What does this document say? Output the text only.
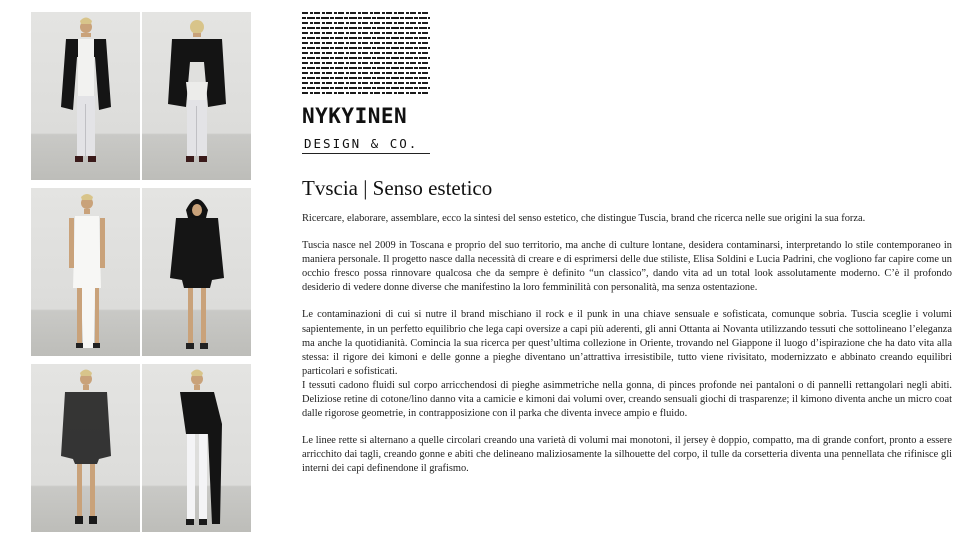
NYKYINEN
DESIGN & CO.
Tvscia | Senso estetico

Ricercare, elaborare, assemblare, ecco la sintesi del senso estetico, che distingue Tuscia, brand che ricerca nelle sue origini la sua forza.

Tuscia nasce nel 2009 in Toscana e proprio del suo territorio, ma anche di culture lontane, desidera contaminarsi, interpretando lo stile contemporaneo in maniera personale. Il progetto nasce dalla necessità di creare e di esprimersi delle due stiliste, Elisa Soldini e Lucia Padrini, che vogliono far capire come un occhio fresco possa rinnovare qualcosa che da sempre è definito “un classico”, dando vita ad un total look assolutamente moderno. C’è il profondo desiderio di vedere donne diverse che manifestino la loro femminilità con personalità, ma senza ostentazione.

Le contaminazioni di cui si nutre il brand mischiano il rock e il punk in una chiave sensuale e sofisticata, comunque sobria. Tuscia sceglie i volumi sapientemente, in un perfetto equilibrio che lega capi oversize a capi più aderenti, gli anni Ottanta ai Novanta utilizzando tessuti che sottolineano l’eleganza ma anche la quotidianità. Comincia la sua ricerca per quest’ultima collezione in Oriente, trovando nel Giappone il luogo d’ispirazione che ha dato vita alla stessa: il rigore dei kimoni e delle gonne a pieghe diventano un’attrattiva irresistibile, tutto viene rivisitato, modernizzato e abbinato creando equilibri particolari e sofisticati.

I tessuti cadono fluidi sul corpo arricchendosi di pieghe asimmetriche nella gonna, di pinces profonde nei pantaloni o di pannelli rettangolari negli abiti. Deliziose retine di cotone/lino danno vita a camicie e kimoni dai volumi over, creando sensuali giochi di trasparenze; il kimono diventa anche un micro coat dalle rigorose geometrie, in contrapposizione con il parka che diventa invece ampio e fluido.

Le linee rette si alternano a quelle circolari creando una varietà di volumi mai monotoni, il jersey è doppio, compatto, ma di grande confort, pronto a essere arricchito dai tagli, creando gonne e abiti che delineano maliziosamente la silhouette del corpo, il tulle da corsetteria diventa una pennellata che rifinisce gli interni dei capi definendone il grafismo.
